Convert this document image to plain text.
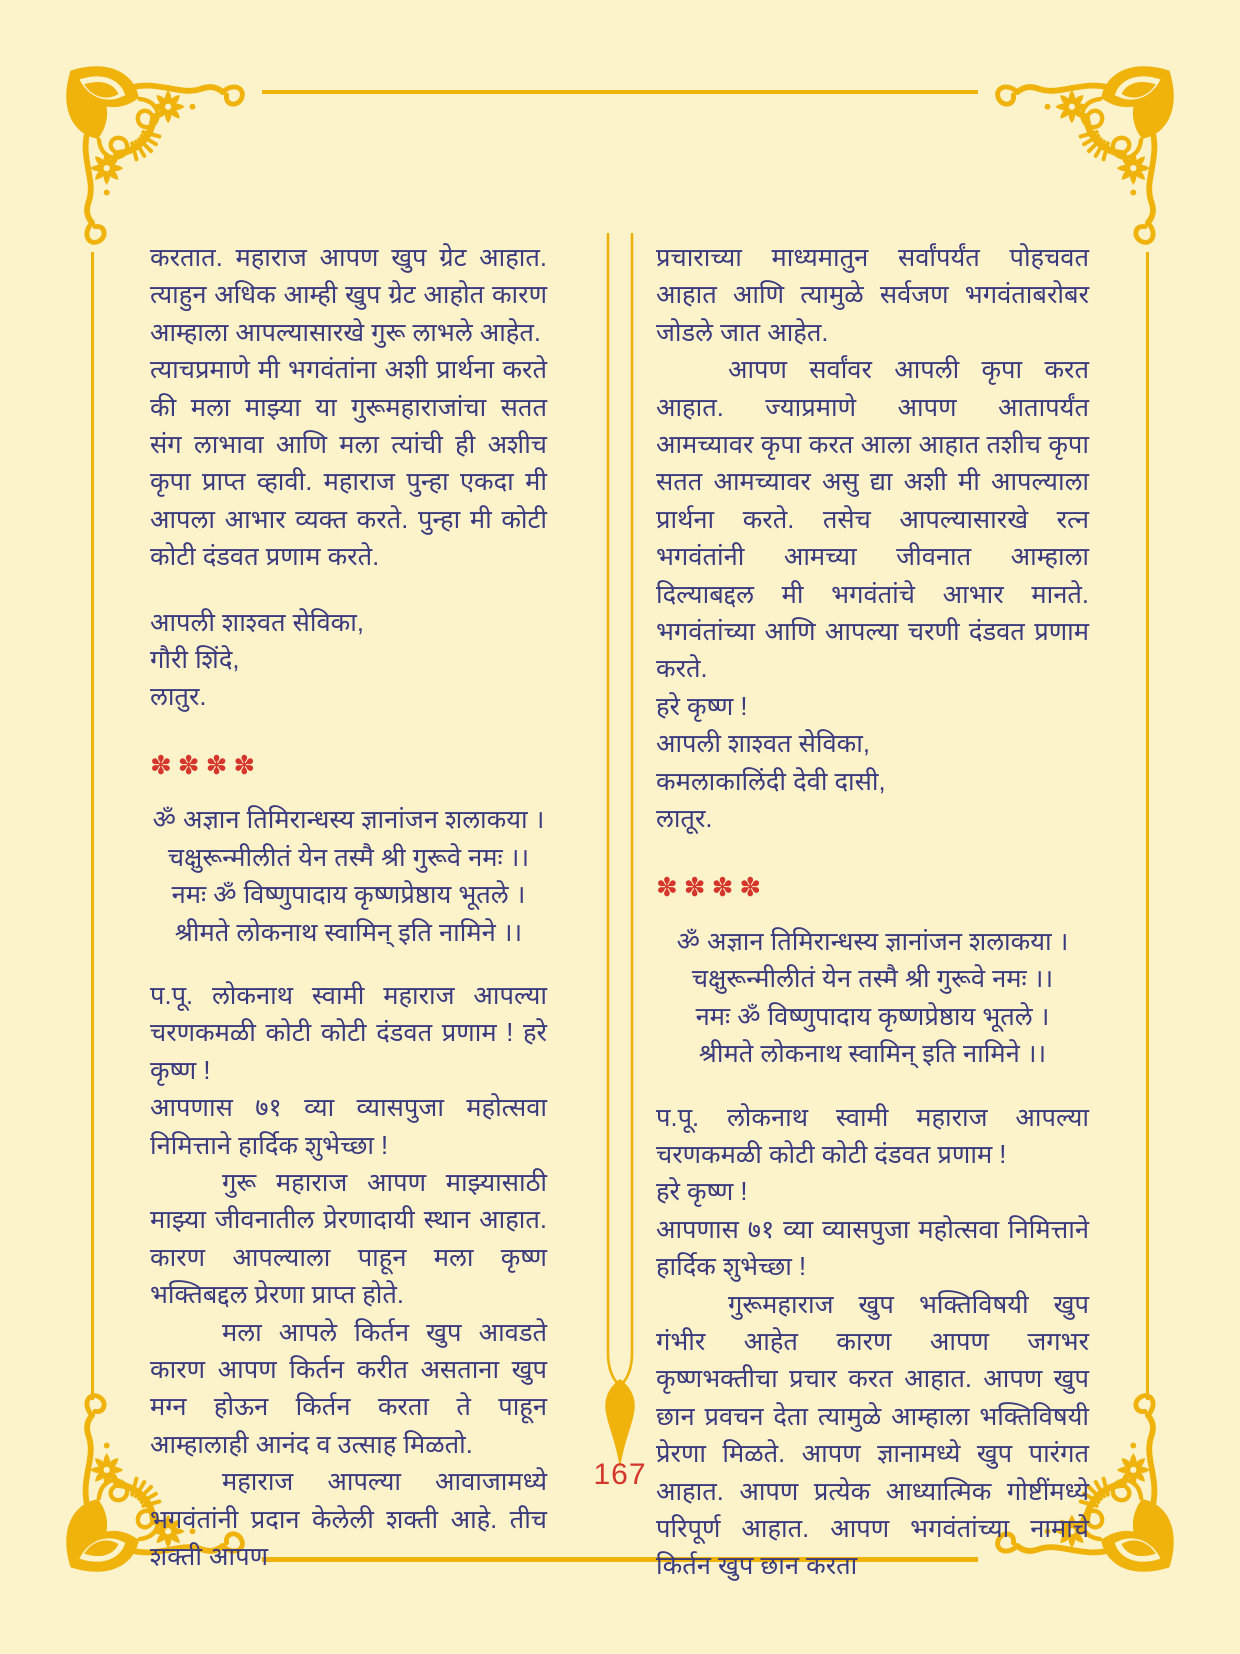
करतात. महाराज आपण खुप ग्रेट आहात. त्याहुन अधिक आम्ही खुप ग्रेट आहोत कारण आम्हाला आपल्यासारखे गुरू लाभले आहेत.

त्याचप्रमाणे मी भगवंतांना अशी प्रार्थना करते की मला माझ्या या गुरूमहाराजांचा सतत संग लाभावा आणि मला त्यांची ही अशीच कृपा प्राप्त व्हावी. महाराज पुन्हा एकदा मी आपला आभार व्यक्त करते. पुन्हा मी कोटी कोटी दंडवत प्रणाम करते.

आपली शाश्वत सेविका,

गौरी शिंदे,

लातुर.

✽✽✽✽

ॐ अज्ञान तिमिरान्धस्य ज्ञानांजन शलाकया ।

चक्षुरून्मीलीतं येन तस्मै श्री गुरूवे नमः ।।

नमः ॐ विष्णुपादाय कृष्णप्रेष्ठाय भूतले ।

श्रीमते लोकनाथ स्वामिन् इति नामिने ।।

प.पू. लोकनाथ स्वामी महाराज आपल्या चरणकमळी कोटी कोटी दंडवत प्रणाम ! हरे कृष्ण !

आपणास ७१ व्या व्यासपुजा महोत्सवा निमित्ताने हार्दिक शुभेच्छा !

गुरू महाराज आपण माझ्यासाठी माझ्या जीवनातील प्रेरणादायी स्थान आहात. कारण आपल्याला पाहून मला कृष्ण भक्तिबद्दल प्रेरणा प्राप्त होते.

मला आपले किर्तन खुप आवडते कारण आपण किर्तन करीत असताना खुप मग्न होऊन किर्तन करता ते पाहून आम्हालाही आनंद व उत्साह मिळतो.

महाराज आपल्या आवाजामध्ये भगवंतांनी प्रदान केलेली शक्ती आहे. तीच शक्ती आपण

प्रचाराच्या माध्यमातुन सर्वांपर्यंत पोहचवत आहात आणि त्यामुळे सर्वजण भगवंताबरोबर जोडले जात आहेत.

आपण सर्वांवर आपली कृपा करत आहात. ज्याप्रमाणे आपण आतापर्यंत आमच्यावर कृपा करत आला आहात तशीच कृपा सतत आमच्यावर असु द्या अशी मी आपल्याला प्रार्थना करते. तसेच आपल्यासारखे रत्न भगवंतांनी आमच्या जीवनात आम्हाला दिल्याबद्दल मी भगवंतांचे आभार मानते. भगवंतांच्या आणि आपल्या चरणी दंडवत प्रणाम करते.

हरे कृष्ण !

आपली शाश्वत सेविका,

कमलाकालिंदी देवी दासी,

लातूर.

✽✽✽✽

ॐ अज्ञान तिमिरान्धस्य ज्ञानांजन शलाकया ।

चक्षुरून्मीलीतं येन तस्मै श्री गुरूवे नमः ।।

नमः ॐ विष्णुपादाय कृष्णप्रेष्ठाय भूतले ।

श्रीमते लोकनाथ स्वामिन् इति नामिने ।।

प.पू. लोकनाथ स्वामी महाराज आपल्या चरणकमळी कोटी कोटी दंडवत प्रणाम !

हरे कृष्ण !

आपणास ७१ व्या व्यासपुजा महोत्सवा निमित्ताने हार्दिक शुभेच्छा !

गुरूमहाराज खुप भक्तिविषयी खुप गंभीर आहेत कारण आपण जगभर कृष्णभक्तीचा प्रचार करत आहात. आपण खुप छान प्रवचन देता त्यामुळे आम्हाला भक्तिविषयी प्रेरणा मिळते. आपण ज्ञानामध्ये खुप पारंगत आहात. आपण प्रत्येक आध्यात्मिक गोष्टींमध्ये परिपूर्ण आहात. आपण भगवंतांच्या नामाचे किर्तन खुप छान करता

167
